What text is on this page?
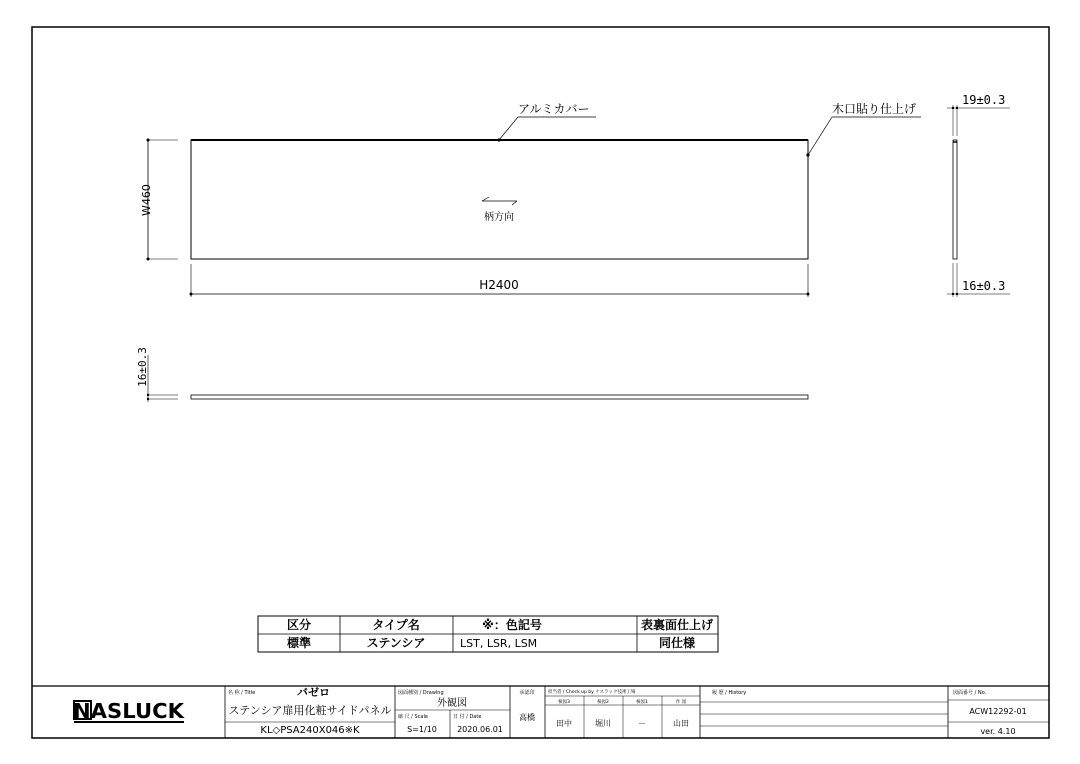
W460
H2400
アルミカバー	木口貼り仕上げ
柄方向
19±0.3
16±0.3
16±0.3
区分	タイプ名	※：色記号	表裏面仕上げ
標準	ステンシア	LST, LSR, LSM	同仕様
NASLUCK
名 称 / Title	バゼロ
ステンシア扉用化粧サイドパネル
KL◇PSA240X046※K
図面種別 / Drawing
外観図
縮 尺 / Scale
S=1/10
日 付 / Date
2020.06.01
承認印
高橋
担当者 / Check up by ナスラック技術工場
検図3	検図2	検図1	作 図
田中	堀川	－	山田
履 歴 / History	図面番号 / No.
ACW12292-01
ver. 4.10
